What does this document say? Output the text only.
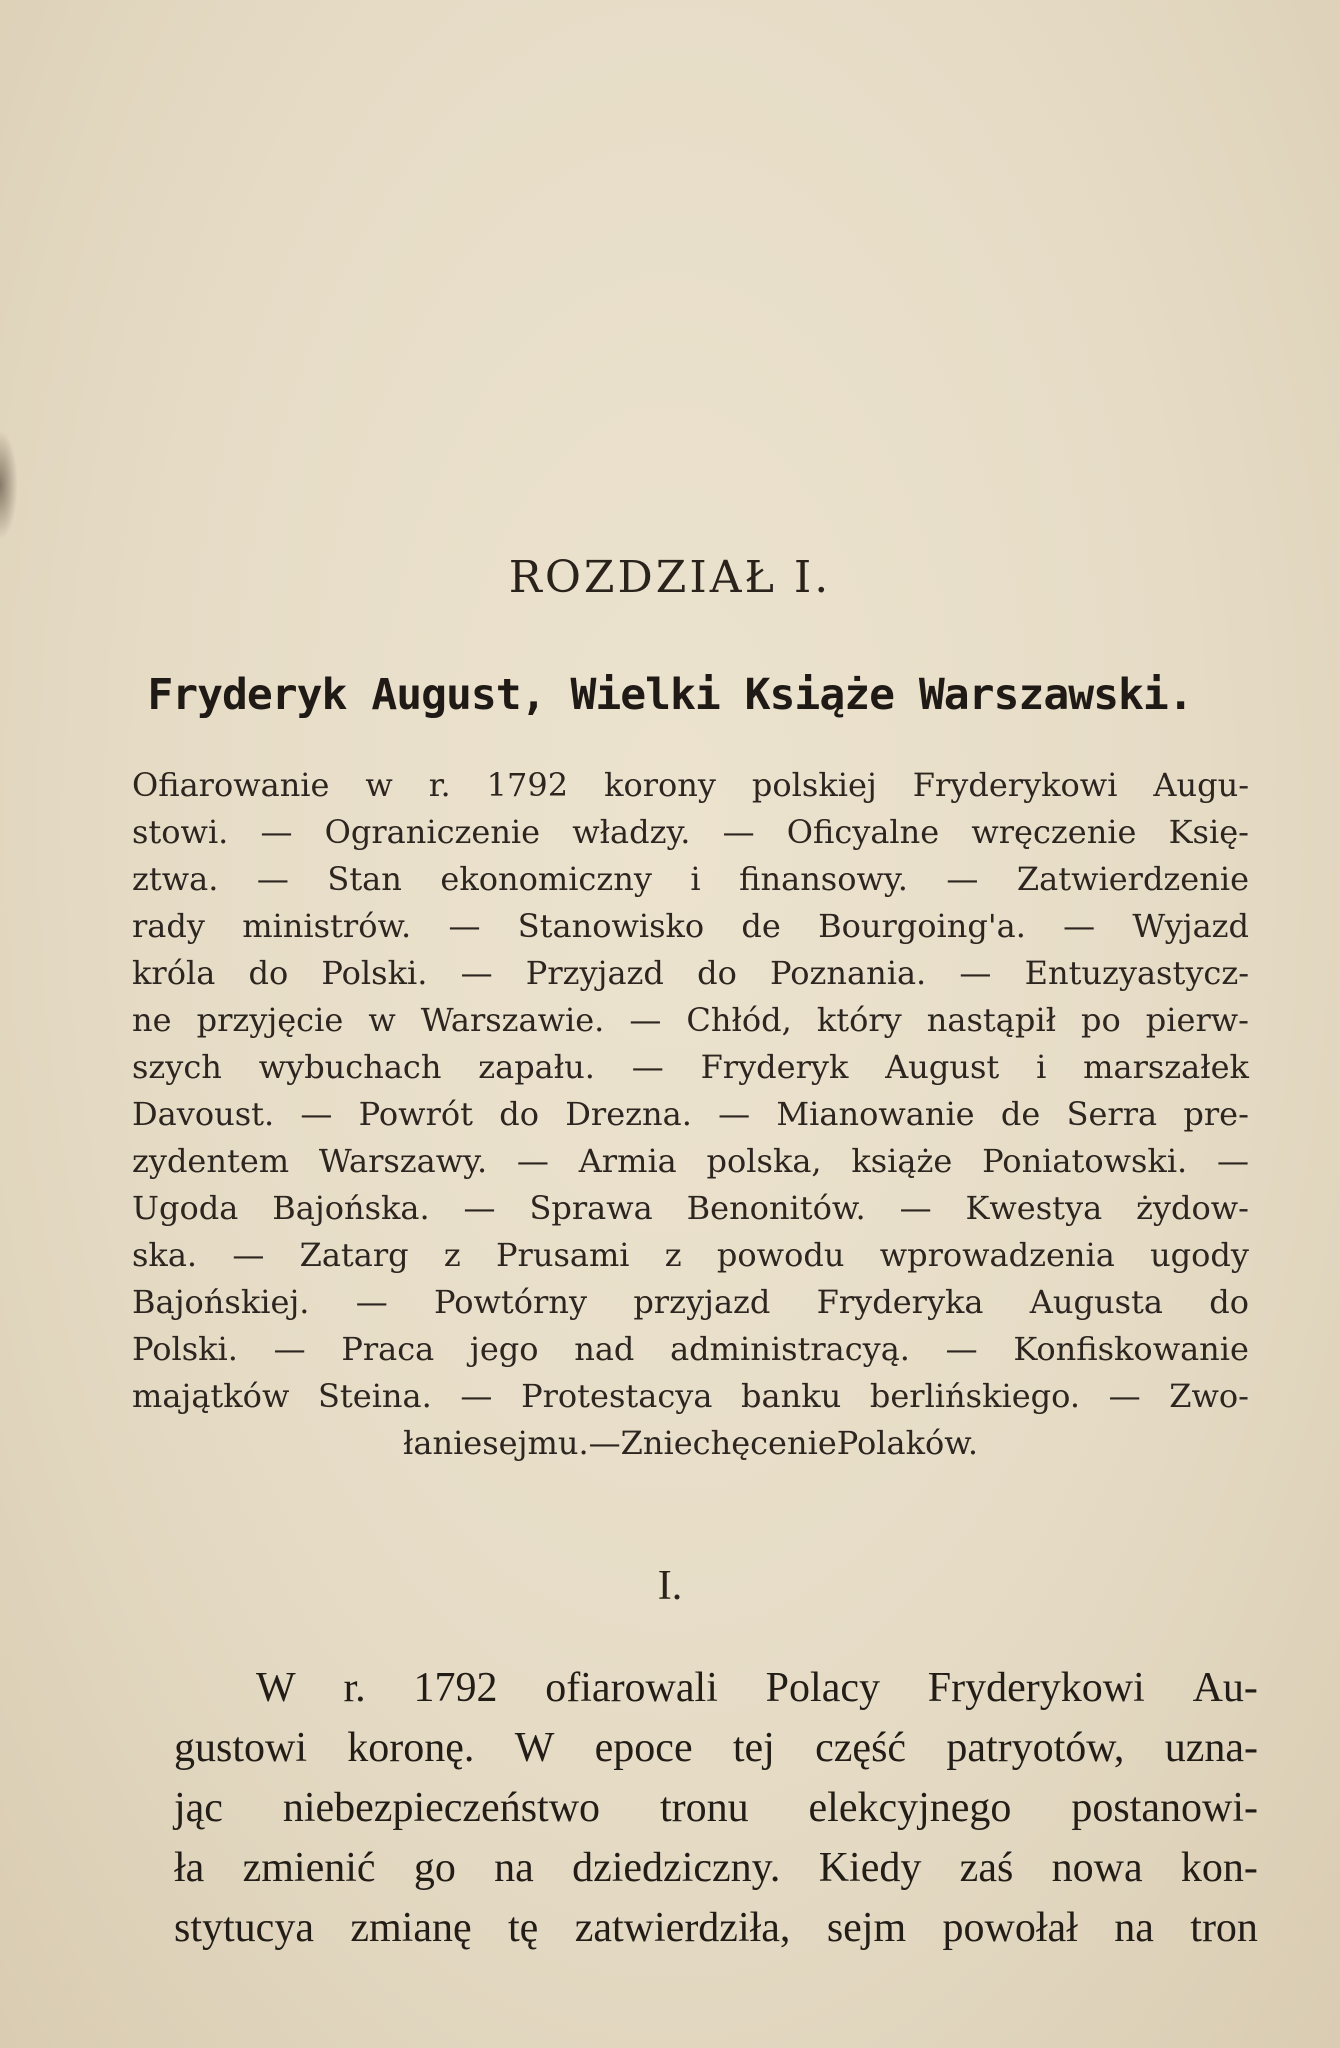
ROZDZIAŁ I.
Fryderyk August, Wielki Książe Warszawski.
Ofiarowanie w r. 1792 korony polskiej Fryderykowi Augu-
stowi. — Ograniczenie władzy. — Oficyalne wręczenie Księ-
ztwa. — Stan ekonomiczny i finansowy. — Zatwierdzenie
rady ministrów. — Stanowisko de Bourgoing'a. — Wyjazd
króla do Polski. — Przyjazd do Poznania. — Entuzyastycz-
ne przyjęcie w Warszawie. — Chłód, który nastąpił po pierw-
szych wybuchach zapału. — Fryderyk August i marszałek
Davoust. — Powrót do Drezna. — Mianowanie de Serra pre-
zydentem Warszawy. — Armia polska, książe Poniatowski. —
Ugoda Bajońska. — Sprawa Benonitów. — Kwestya żydow-
ska. — Zatarg z Prusami z powodu wprowadzenia ugody
Bajońskiej. — Powtórny przyjazd Fryderyka Augusta do
Polski. — Praca jego nad administracyą. — Konfiskowanie
majątków Steina. — Protestacya banku berlińskiego. — Zwo-
łanie sejmu. — Zniechęcenie Polaków.
I.
W r. 1792 ofiarowali Polacy Fryderykowi Au-
gustowi koronę. W epoce tej część patryotów, uzna-
jąc niebezpieczeństwo tronu elekcyjnego postanowi-
ła zmienić go na dziedziczny. Kiedy zaś nowa kon-
stytucya zmianę tę zatwierdziła, sejm powołał na tron
